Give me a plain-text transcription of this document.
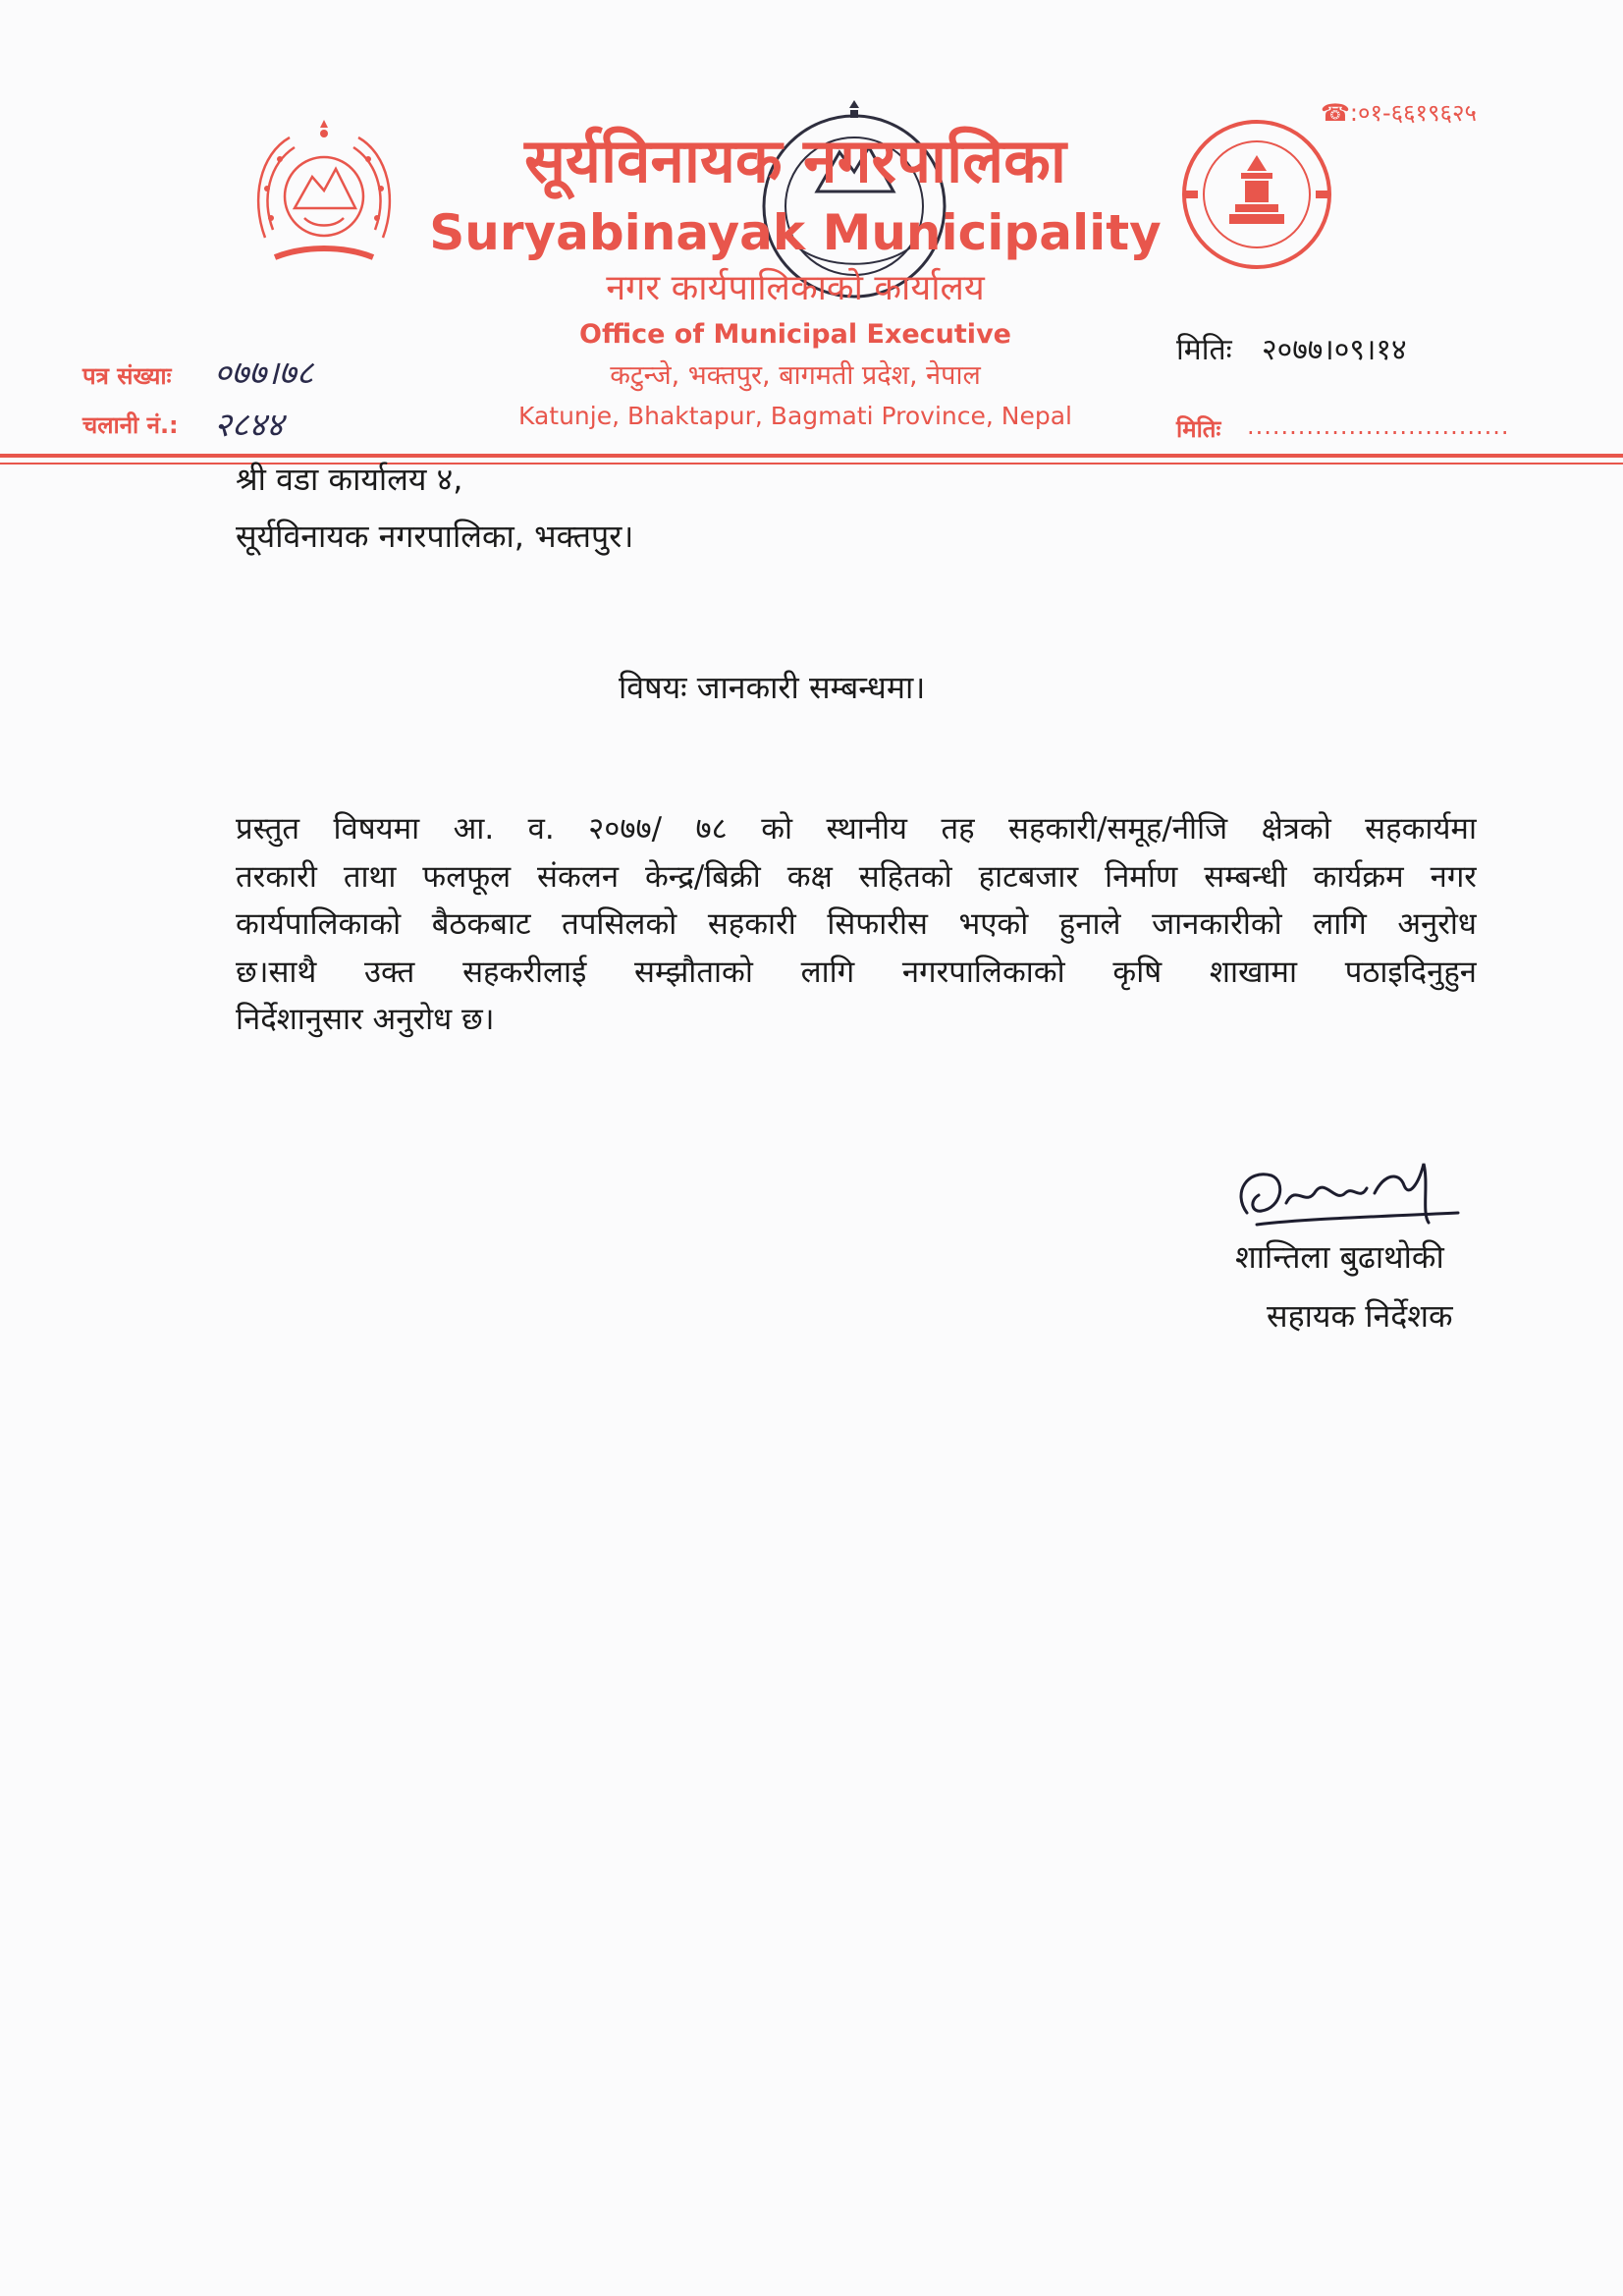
सूर्यविनायक नगरपालिका
Suryabinayak Municipality
नगर कार्यपालिकाको कार्यालय
Office of Municipal Executive
कटुन्जे, भक्तपुर, बागमती प्रदेश, नेपाल
Katunje, Bhaktapur, Bagmati Province, Nepal
☎:०१-६६१९६२५
पत्र संख्याः ०७७।७८
चलानी नं.: २८४४
मितिः २०७७।०९।१४
मितिः ...............................
श्री वडा कार्यालय ४,
सूर्यविनायक नगरपालिका, भक्तपुर।
विषयः जानकारी सम्बन्धमा।
प्रस्तुत विषयमा आ. व. २०७७/ ७८ को स्थानीय तह सहकारी/समूह/नीजि क्षेत्रको सहकार्यमा
तरकारी ताथा फलफूल संकलन केन्द्र/बिक्री कक्ष सहितको हाटबजार निर्माण सम्बन्धी कार्यक्रम नगर
कार्यपालिकाको बैठकबाट तपसिलको सहकारी सिफारीस भएको हुनाले जानकारीको लागि अनुरोध
छ।साथै उक्त सहकरीलाई सम्झौताको लागि नगरपालिकाको कृषि शाखामा पठाइदिनुहुन
निर्देशानुसार अनुरोध छ।
शान्तिला बुढाथोकी
सहायक निर्देशक
